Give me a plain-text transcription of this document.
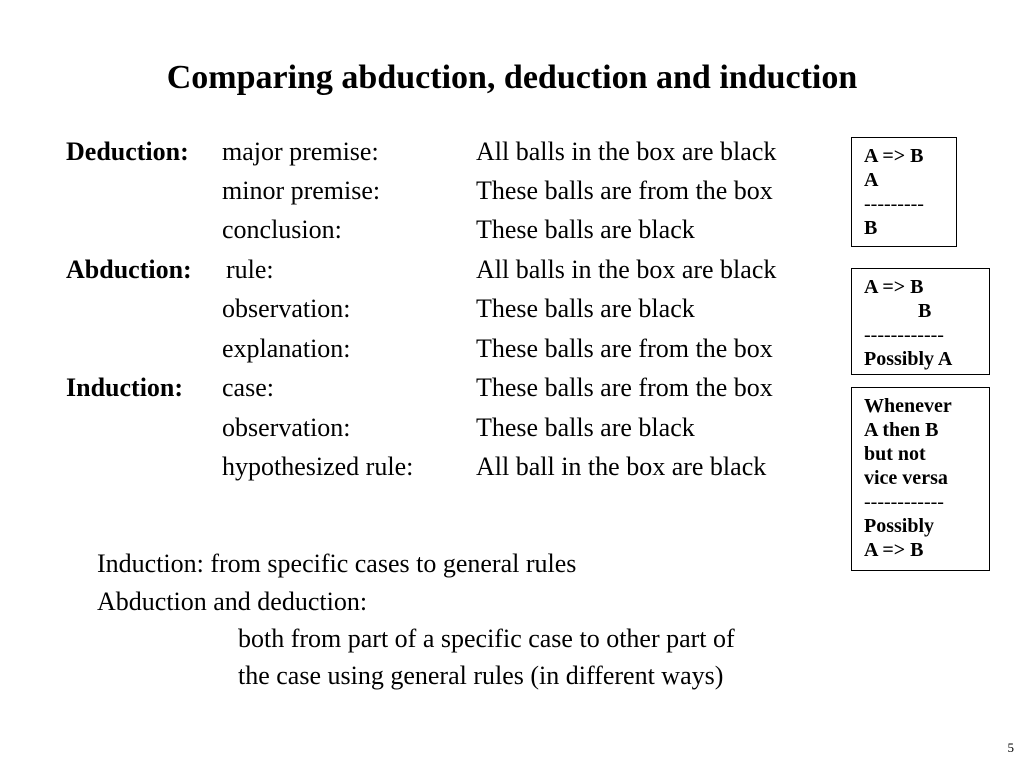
Comparing abduction, deduction and induction
Deduction: major premise:	All balls in the box are black
minor premise:	These balls are from the box
conclusion:	These balls are black
Abduction: rule:	All balls in the box are black
observation:	These balls are black
explanation:	These balls are from the box
Induction: case:	These balls are from the box
observation:	These balls are black
hypothesized rule: All ball in the box are black
A => B
A
---------
B
A => B
B
------------
Possibly A
Whenever
A then B
but not
vice versa
------------
Possibly
A => B
Induction: from specific cases to general rules
Abduction and deduction:
both from part of a specific case to other part of
the case using general rules (in different ways)
5
